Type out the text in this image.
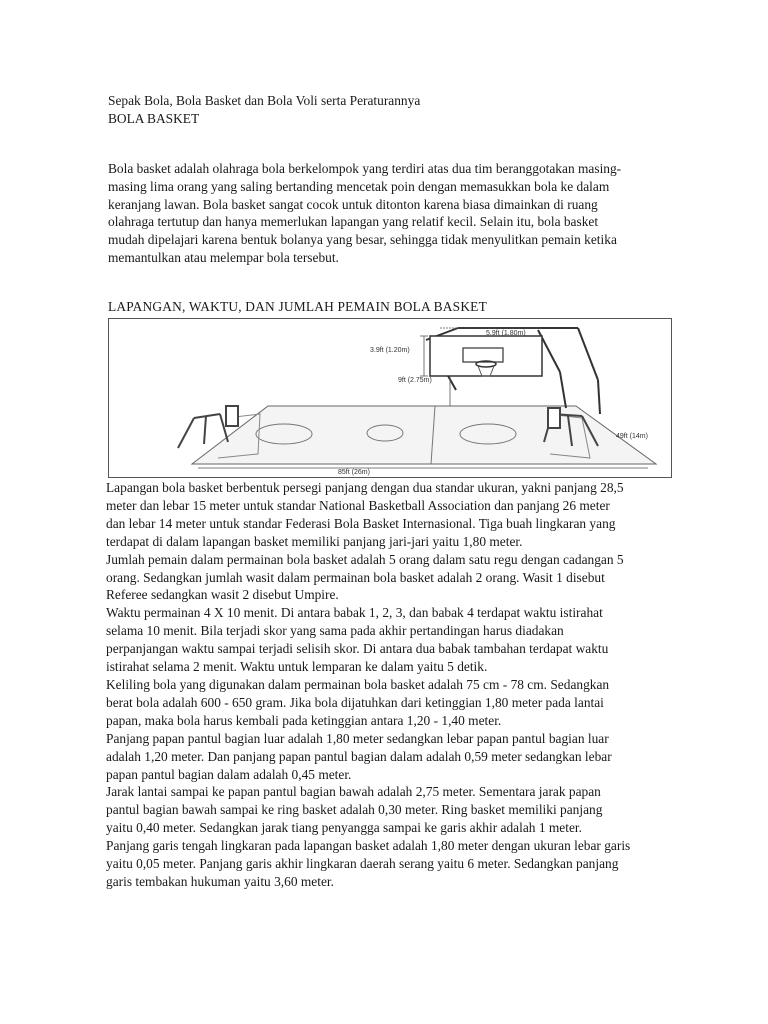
Sepak Bola, Bola Basket dan Bola Voli serta Peraturannya
BOLA BASKET
Bola basket adalah olahraga bola berkelompok yang terdiri atas dua tim beranggotakan masing-
masing lima orang yang saling bertanding mencetak poin dengan memasukkan bola ke dalam
keranjang lawan. Bola basket sangat cocok untuk ditonton karena biasa dimainkan di ruang
olahraga tertutup dan hanya memerlukan lapangan yang relatif kecil. Selain itu, bola basket
mudah dipelajari karena bentuk bolanya yang besar, sehingga tidak menyulitkan pemain ketika
memantulkan atau melempar bola tersebut.
LAPANGAN, WAKTU, DAN JUMLAH PEMAIN BOLA BASKET
5.9ft (1.80m)
3.9ft (1.20m)
9ft (2.75m)
85ft (26m)
49ft (14m)
Lapangan bola basket berbentuk persegi panjang dengan dua standar ukuran, yakni panjang 28,5
meter dan lebar 15 meter untuk standar National Basketball Association dan panjang 26 meter
dan lebar 14 meter untuk standar Federasi Bola Basket Internasional. Tiga buah lingkaran yang
terdapat di dalam lapangan basket memiliki panjang jari-jari yaitu 1,80 meter.
Jumlah pemain dalam permainan bola basket adalah 5 orang dalam satu regu dengan cadangan 5
orang. Sedangkan jumlah wasit dalam permainan bola basket adalah 2 orang. Wasit 1 disebut
Referee sedangkan wasit 2 disebut Umpire.
Waktu permainan 4 X 10 menit. Di antara babak 1, 2, 3, dan babak 4 terdapat waktu istirahat
selama 10 menit. Bila terjadi skor yang sama pada akhir pertandingan harus diadakan
perpanjangan waktu sampai terjadi selisih skor. Di antara dua babak tambahan terdapat waktu
istirahat selama 2 menit. Waktu untuk lemparan ke dalam yaitu 5 detik.
Keliling bola yang digunakan dalam permainan bola basket adalah 75 cm - 78 cm. Sedangkan
berat bola adalah 600 - 650 gram. Jika bola dijatuhkan dari ketinggian 1,80 meter pada lantai
papan, maka bola harus kembali pada ketinggian antara 1,20 - 1,40 meter.
Panjang papan pantul bagian luar adalah 1,80 meter sedangkan lebar papan pantul bagian luar
adalah 1,20 meter. Dan panjang papan pantul bagian dalam adalah 0,59 meter sedangkan lebar
papan pantul bagian dalam adalah 0,45 meter.
Jarak lantai sampai ke papan pantul bagian bawah adalah 2,75 meter. Sementara jarak papan
pantul bagian bawah sampai ke ring basket adalah 0,30 meter. Ring basket memiliki panjang
yaitu 0,40 meter. Sedangkan jarak tiang penyangga sampai ke garis akhir adalah 1 meter.
Panjang garis tengah lingkaran pada lapangan basket adalah 1,80 meter dengan ukuran lebar garis
yaitu 0,05 meter. Panjang garis akhir lingkaran daerah serang yaitu 6 meter. Sedangkan panjang
garis tembakan hukuman yaitu 3,60 meter.
